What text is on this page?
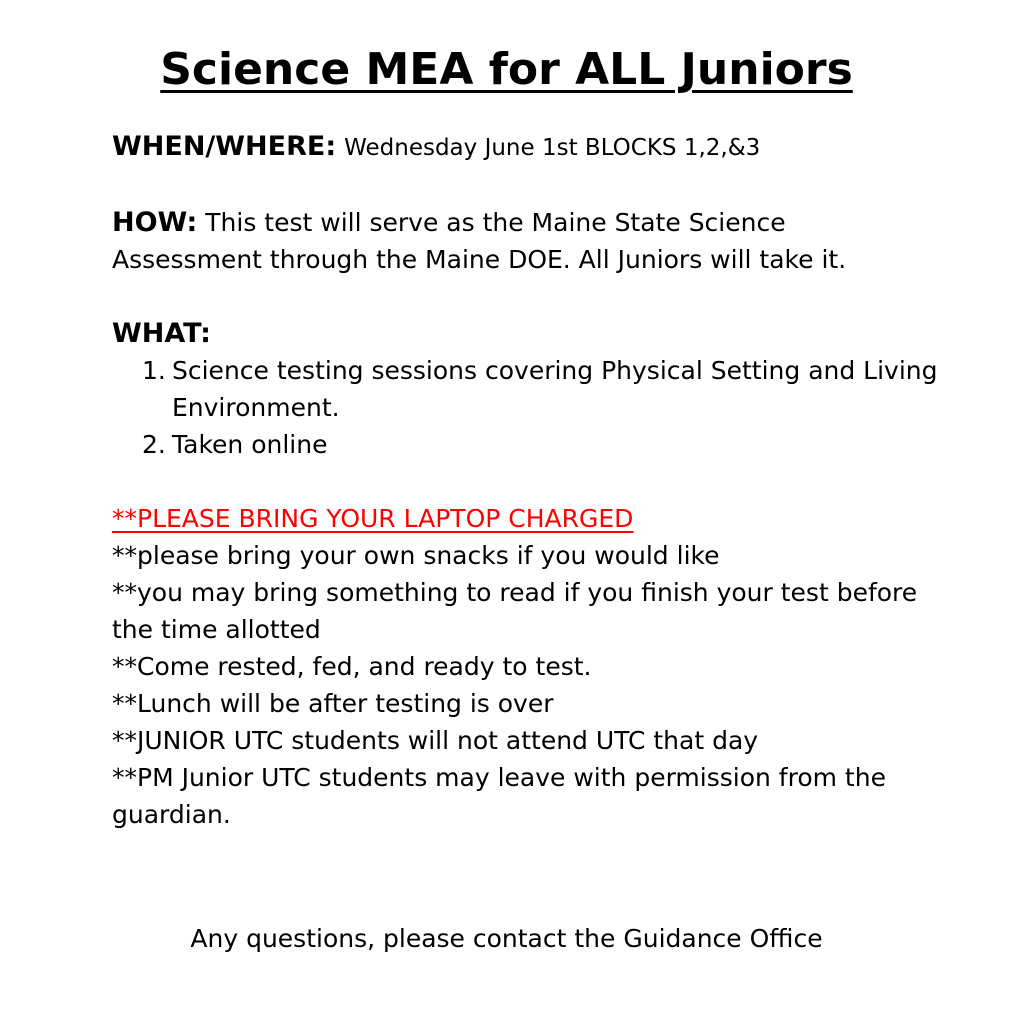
Science MEA for ALL Juniors

WHEN/WHERE: Wednesday June 1st BLOCKS 1,2,&3

HOW: This test will serve as the Maine State Science Assessment through the Maine DOE. All Juniors will take it.

WHAT:

1. Science testing sessions covering Physical Setting and Living Environment.
2. Taken online

**PLEASE BRING YOUR LAPTOP CHARGED

**please bring your own snacks if you would like

**you may bring something to read if you finish your test before the time allotted

**Come rested, fed, and ready to test.

**Lunch will be after testing is over

**JUNIOR UTC students will not attend UTC that day

**PM Junior UTC students may leave with permission from the guardian.

Any questions, please contact the Guidance Office
